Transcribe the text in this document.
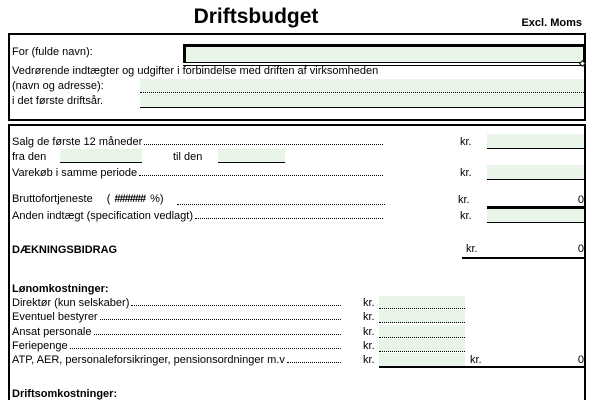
Driftsbudget	Excl. Moms
For (fulde navn):
Vedrørende indtægter og udgifter i forbindelse med driften af virksomheden
(navn og adresse):
i det første driftsår.
Salg de første 12 måneder	kr.
fra den	til den
Varekøb i samme periode	kr.
Bruttofortjeneste ( ###### %)	kr.	0
Anden indtægt (specification vedlagt)	kr.
DÆKNINGSBIDRAG	kr.	0
Lønomkostninger:
Direktør (kun selskaber)	kr.
Eventuel bestyrer	kr.
Ansat personale	kr.
Feriepenge	kr.
ATP, AER, personaleforsikringer, pensionsordninger m.v	kr.	kr.	0
Driftsomkostninger:
